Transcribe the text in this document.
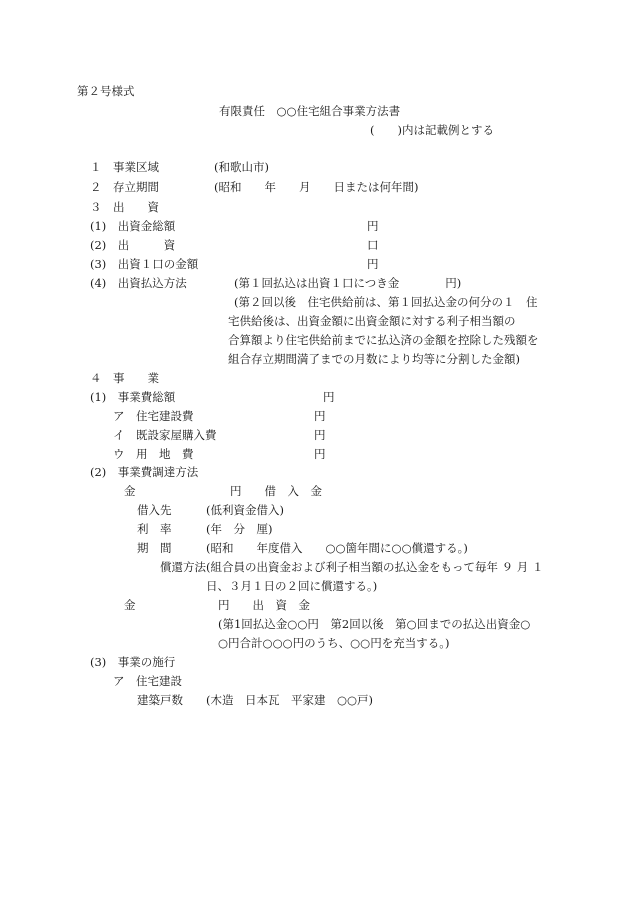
第２号様式
有限責任　○○住宅組合事業方法書
(　　)内は記載例とする
１　事業区域	(和歌山市)
２　存立期間	(昭和　　年　　月　　日または何年間)
３　出　　資
(1)　出資金総額	円
(2)　出　　　資	口
(3)　出資１口の金額	円
(4)　出資払込方法	(第１回払込は出資１口につき金　　　　円)
(第２回以後　住宅供給前は、第１回払込金の何分の１　住
宅供給後は、出資金額に出資金額に対する利子相当額の
合算額より住宅供給前までに払込済の金額を控除した残額を
組合存立期間満了までの月数により均等に分割した金額)
４　事　　業
(1)　事業費総額	円
ア　住宅建設費	円
イ　既設家屋購入費	円
ウ　用　地　費	円
(2)　事業費調達方法
金	円　　借　入　金
借入先	(低利資金借入)
利　率	(年　分　厘)
期　間	(昭和　　年度借入　　○○箇年間に○○償還する。)
償還方法(組合員の出資金および利子相当額の払込金をもって毎年 ９ 月 １
日、３月１日の２回に償還する。)
金	円　　出　資　金
(第1回払込金○○円　第2回以後　第○回までの払込出資金○
○円合計○○○円のうち、○○円を充当する。)
(3)　事業の施行
ア　住宅建設
建築戸数 (木造　日本瓦　平家建　○○戸)
